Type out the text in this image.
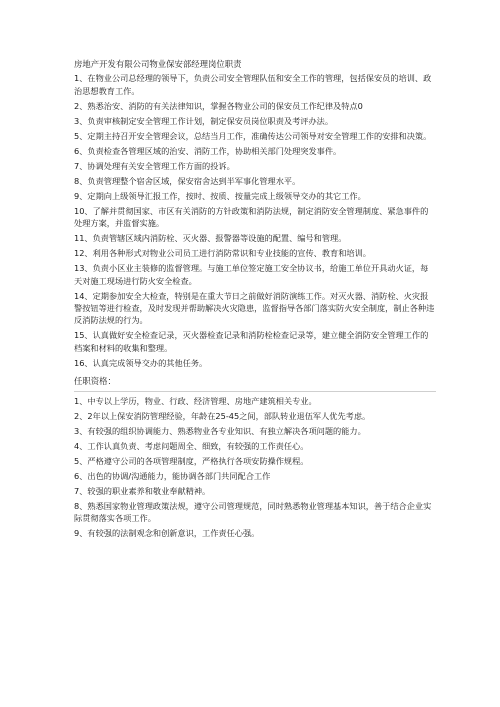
房地产开发有限公司物业保安部经理岗位职责
1、在物业公司总经理的领导下，负责公司安全管理队伍和安全工作的管理，包括保安员的培训、政治思想教育工作。
2、熟悉治安、消防的有关法律知识，掌握各物业公司的保安员工作纪律及特点0
3、负责审核制定安全管理工作计划，制定保安员岗位职责及考评办法。
5、定期主持召开安全管理会议，总结当月工作，准确传达公司领导对安全管理工作的安排和决策。
6、负责检查各管理区域的治安、消防工作，协助相关部门处理突发事件。
7、协调处理有关安全管理工作方面的投诉。
8、负责管理整个宿舍区域，保安宿舍达到半军事化管理水平。
9、定期向上级领导汇报工作，按时、按质、按量完成上级领导交办的其它工作。
10、了解并贯彻国家、市区有关消防的方针政策和消防法规，制定消防安全管理制度、紧急事件的处理方案，并监督实施。
11、负责管辖区域内消防栓、灭火器、报警器等设施的配置、编号和管理。
12、利用各种形式对物业公司员工进行消防常识和专业技能的宣传、教育和培训。
13、负责小区业主装修的监督管理。与施工单位签定施工安全协议书，给施工单位开具动火证，每天对施工现场进行防火安全检查。
14、定期参加安全大检查，特别是在重大节日之前做好消防演练工作。对灭火器、消防栓、火灾报警按钮等进行检查，及时发现并帮助解决火灾隐患，监督指导各部门落实防火安全制度，制止各种违反消防法规的行为。
15、认真做好安全检查记录，灭火器检查记录和消防栓检查记录等，建立健全消防安全管理工作的档案和材料的收集和整理。
16、认真完成领导交办的其他任务。
任职资格：
1、中专以上学历，物业、行政、经济管理、房地产建筑相关专业。
2、2年以上保安消防管理经验，年龄在25-45之间，部队转业退伍军人优先考虑。
3、有较强的组织协调能力、熟悉物业各专业知识、有独立解决各项问题的能力。
4、工作认真负责、考虑问题周全、细致，有较强的工作责任心。
5、严格遵守公司的各项管理制度，严格执行各项安防操作规程。
6、出色的协调/沟通能力，能协调各部门共同配合工作
7、较强的职业素养和敬业奉献精神。
8、熟悉国家物业管理政策法规，遵守公司管理规范，同时熟悉物业管理基本知识，善于结合企业实际贯彻落实各项工作。
9、有较强的法制观念和创新意识，工作责任心强。
